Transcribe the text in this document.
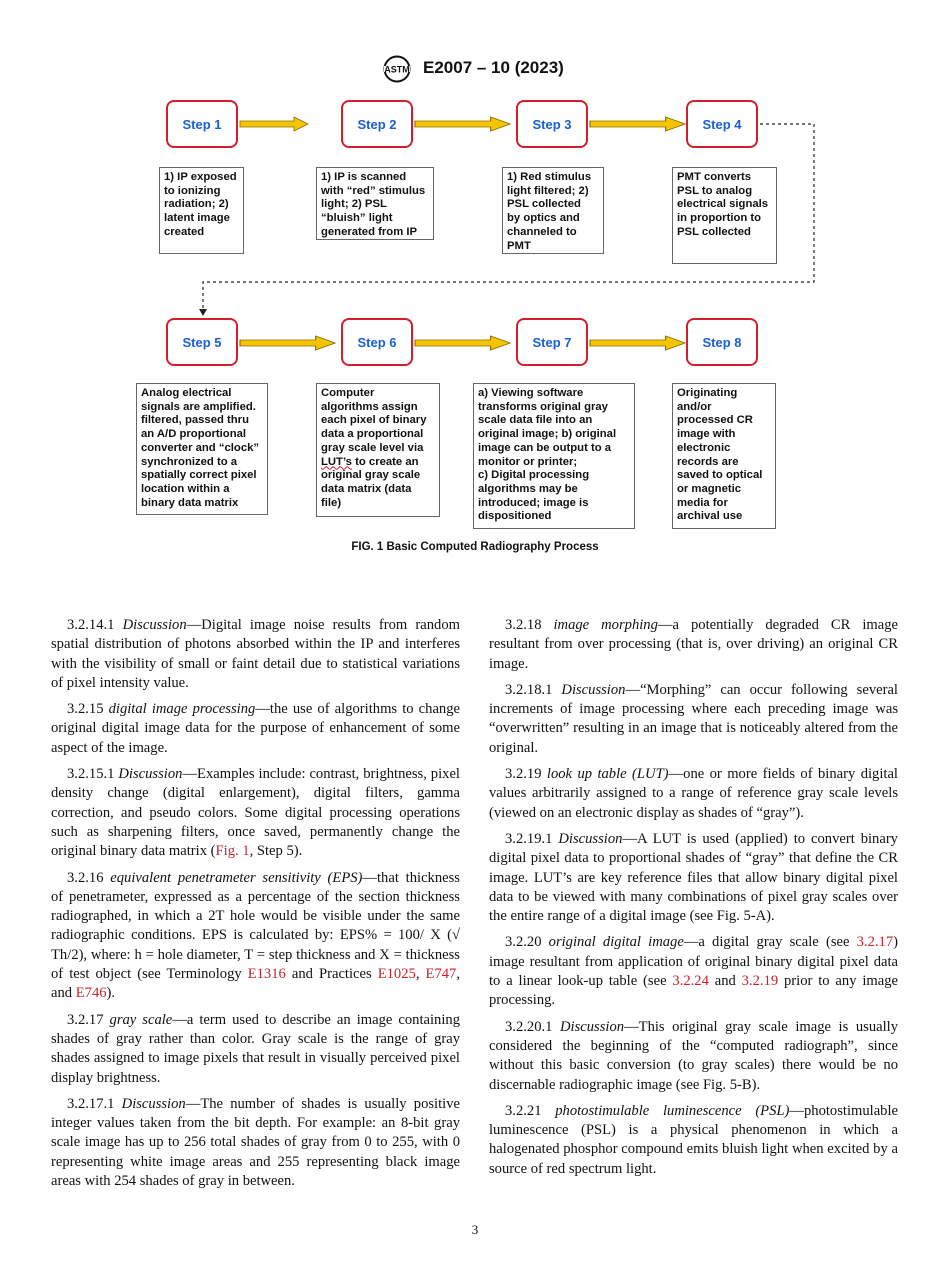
ASTM E2007 – 10 (2023)
Step 1	Step 2	Step 3	Step 4
1) IP exposed
to ionizing
radiation; 2)
latent image
created
1) IP is scanned
with “red” stimulus
light; 2) PSL
“bluish” light
generated from IP
1) Red stimulus
light filtered; 2)
PSL collected
by optics and
channeled to
PMT
PMT converts
PSL to analog
electrical signals
in proportion to
PSL collected
Step 5	Step 6	Step 7	Step 8
Analog electrical
signals are amplified.
filtered, passed thru
an A/D proportional
converter and “clock”
synchronized to a
spatially correct pixel
location within a
binary data matrix
Computer
algorithms assign
each pixel of binary
data a proportional
gray scale level via
LUT’s to create an
original gray scale
data matrix (data
file)
a) Viewing software
transforms original gray
scale data file into an
original image; b) original
image can be output to a
monitor or printer;
c) Digital processing
algorithms may be
introduced; image is
dispositioned
Originating
and/or
processed CR
image with
electronic
records are
saved to optical
or magnetic
media for
archival use
FIG. 1 Basic Computed Radiography Process

3.2.14.1 Discussion—Digital image noise results from random spatial distribution of photons absorbed within the IP and interferes with the visibility of small or faint detail due to statistical variations of pixel intensity value.

3.2.15 digital image processing—the use of algorithms to change original digital image data for the purpose of enhancement of some aspect of the image.

3.2.15.1 Discussion—Examples include: contrast, brightness, pixel density change (digital enlargement), digital filters, gamma correction, and pseudo colors. Some digital processing operations such as sharpening filters, once saved, permanently change the original binary data matrix (Fig. 1, Step 5).

3.2.16 equivalent penetrameter sensitivity (EPS)—that thickness of penetrameter, expressed as a percentage of the section thickness radiographed, in which a 2T hole would be visible under the same radiographic conditions. EPS is calculated by: EPS% = 100/ X (√ Th/2), where: h = hole diameter, T = step thickness and X = thickness of test object (see Terminology E1316 and Practices E1025, E747, and E746).

3.2.17 gray scale—a term used to describe an image containing shades of gray rather than color. Gray scale is the range of gray shades assigned to image pixels that result in visually perceived pixel display brightness.

3.2.17.1 Discussion—The number of shades is usually positive integer values taken from the bit depth. For example: an 8-bit gray scale image has up to 256 total shades of gray from 0 to 255, with 0 representing white image areas and 255 representing black image areas with 254 shades of gray in between.

3.2.18 image morphing—a potentially degraded CR image resultant from over processing (that is, over driving) an original CR image.

3.2.18.1 Discussion—“Morphing” can occur following several increments of image processing where each preceding image was “overwritten” resulting in an image that is noticeably altered from the original.

3.2.19 look up table (LUT)—one or more fields of binary digital values arbitrarily assigned to a range of reference gray scale levels (viewed on an electronic display as shades of “gray”).

3.2.19.1 Discussion—A LUT is used (applied) to convert binary digital pixel data to proportional shades of “gray” that define the CR image. LUT’s are key reference files that allow binary digital pixel data to be viewed with many combinations of pixel gray scales over the entire range of a digital image (see Fig. 5-A).

3.2.20 original digital image—a digital gray scale (see 3.2.17) image resultant from application of original binary digital pixel data to a linear look-up table (see 3.2.24 and 3.2.19 prior to any image processing.

3.2.20.1 Discussion—This original gray scale image is usually considered the beginning of the “computed radiograph”, since without this basic conversion (to gray scales) there would be no discernable radiographic image (see Fig. 5-B).

3.2.21 photostimulable luminescence (PSL)—photostimulable luminescence (PSL) is a physical phenomenon in which a halogenated phosphor compound emits bluish light when excited by a source of red spectrum light.

3
